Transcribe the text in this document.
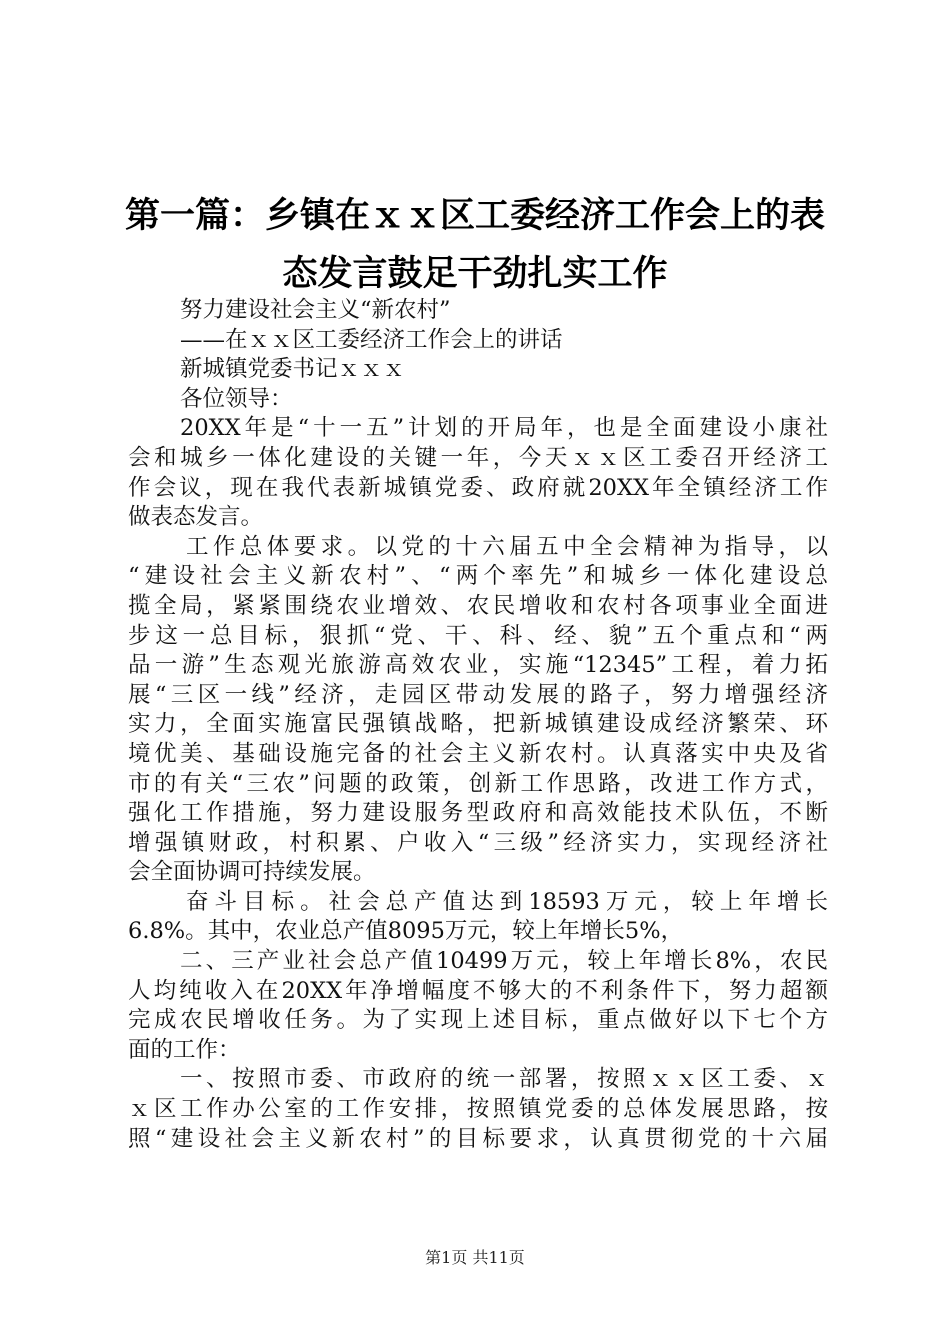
第一篇：乡镇在ｘｘ区工委经济工作会上的表
态发言鼓足干劲扎实工作
努力建设社会主义“新农村”
——在ｘｘ区工委经济工作会上的讲话
新城镇党委书记ｘｘｘ
各位领导：
20XX年是“十一五”计划的开局年，也是全面建设小康社
会和城乡一体化建设的关键一年，今天ｘｘ区工委召开经济工
作会议，现在我代表新城镇党委、政府就20XX年全镇经济工作
做表态发言。
工作总体要求。以党的十六届五中全会精神为指导，以
“建设社会主义新农村”、“两个率先”和城乡一体化建设总
揽全局，紧紧围绕农业增效、农民增收和农村各项事业全面进
步这一总目标，狠抓“党、干、科、经、貌”五个重点和“两
品一游”生态观光旅游高效农业，实施“12345”工程，着力拓
展“三区一线”经济，走园区带动发展的路子，努力增强经济
实力，全面实施富民强镇战略，把新城镇建设成经济繁荣、环
境优美、基础设施完备的社会主义新农村。认真落实中央及省
市的有关“三农”问题的政策，创新工作思路，改进工作方式，
强化工作措施，努力建设服务型政府和高效能技术队伍，不断
增强镇财政，村积累、户收入“三级”经济实力，实现经济社
会全面协调可持续发展。
奋斗目标。社会总产值达到18593万元，较上年增长
6.8%。其中，农业总产值8095万元，较上年增长5%，
二、三产业社会总产值10499万元，较上年增长8%，农民
人均纯收入在20XX年净增幅度不够大的不利条件下，努力超额
完成农民增收任务。为了实现上述目标，重点做好以下七个方
面的工作：
一、按照市委、市政府的统一部署，按照ｘｘ区工委、ｘ
ｘ区工作办公室的工作安排，按照镇党委的总体发展思路，按
照“建设社会主义新农村”的目标要求，认真贯彻党的十六届
第1页 共11页
